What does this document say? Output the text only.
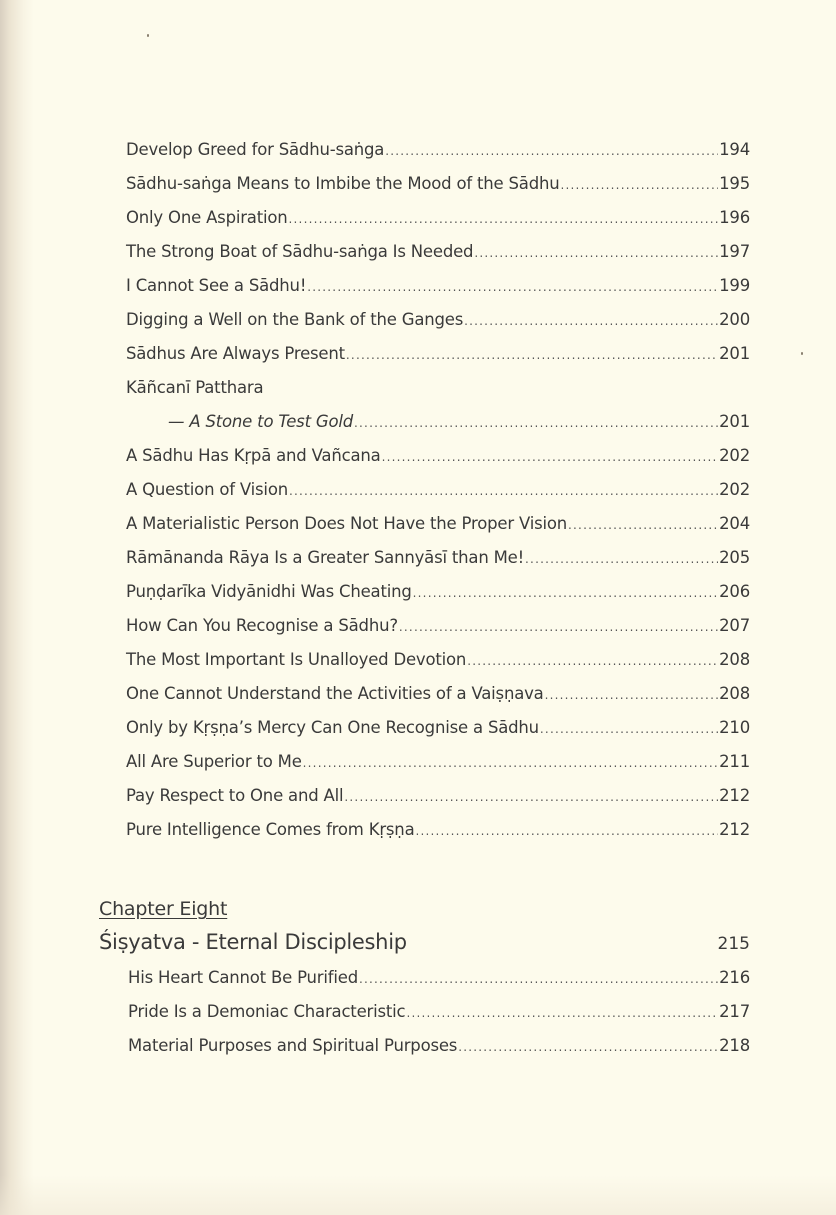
Develop Greed for Sādhu-saṅga .....	194
Sādhu-saṅga Means to Imbibe the Mood of the Sādhu .....	195
Only One Aspiration .....	196
The Strong Boat of Sādhu-saṅga Is Needed .....	197
I Cannot See a Sādhu! .....	199
Digging a Well on the Bank of the Ganges .....	200
Sādhus Are Always Present .....	201
Kāñcanī Patthara
— A Stone to Test Gold .....	201
A Sādhu Has Kṛpā and Vañcana .....	202
A Question of Vision .....	202
A Materialistic Person Does Not Have the Proper Vision .....	204
Rāmānanda Rāya Is a Greater Sannyāsī than Me! .....	205
Puṇḍarīka Vidyānidhi Was Cheating .....	206
How Can You Recognise a Sādhu? .....	207
The Most Important Is Unalloyed Devotion .....	208
One Cannot Understand the Activities of a Vaiṣṇava .....	208
Only by Kṛṣṇa’s Mercy Can One Recognise a Sādhu .....	210
All Are Superior to Me .....	211
Pay Respect to One and All .....	212
Pure Intelligence Comes from Kṛṣṇa .....	212
Chapter Eight
Śiṣyatva - Eternal Discipleship	215
His Heart Cannot Be Purified .....	216
Pride Is a Demoniac Characteristic .....	217
Material Purposes and Spiritual Purposes .....	218
